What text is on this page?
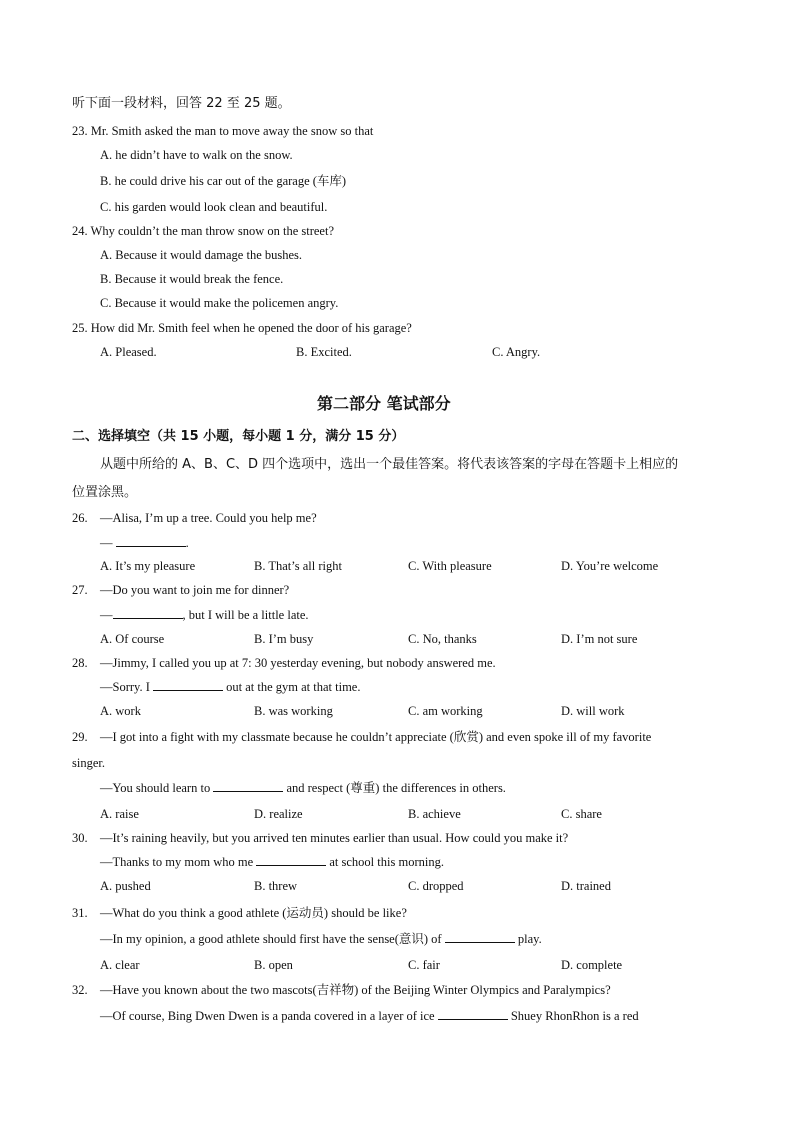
听下面一段材料，回答 22 至 25 题。
23. Mr. Smith asked the man to move away the snow so that
A. he didn’t have to walk on the snow.
B. he could drive his car out of the garage (车库)
C. his garden would look clean and beautiful.
24. Why couldn’t the man throw snow on the street?
A. Because it would damage the bushes.
B. Because it would break the fence.
C. Because it would make the policemen angry.
25. How did Mr. Smith feel when he opened the door of his garage?
A. Pleased.	B. Excited.	C. Angry.
第二部分 笔试部分
二、选择填空（共 15 小题，每小题 1 分，满分 15 分）
从题中所给的 A、B、C、D 四个选项中，选出一个最佳答案。将代表该答案的字母在答题卡上相应的
位置涂黑。
26. —Alisa, I’m up a tree. Could you help me?
—	.
A. It’s my pleasure	B. That’s all right	C. With pleasure	D. You’re welcome
27. —Do you want to join me for dinner?
—	, but I will be a little late.
A. Of course	B. I’m busy	C. No, thanks	D. I’m not sure
28. —Jimmy, I called you up at 7: 30 yesterday evening, but nobody answered me.
—Sorry. I	out at the gym at that time.
A. work	B. was working	C. am working	D. will work
29. —I got into a fight with my classmate because he couldn’t appreciate (欣赏) and even spoke ill of my favorite
singer.
—You should learn to	and respect (尊重) the differences in others.
A. raise	D. realize	B. achieve	C. share
30. —It’s raining heavily, but you arrived ten minutes earlier than usual. How could you make it?
—Thanks to my mom who me	at school this morning.
A. pushed	B. threw	C. dropped	D. trained
31. —What do you think a good athlete (运动员) should be like?
—In my opinion, a good athlete should first have the sense(意识) of	play.
A. clear	B. open	C. fair	D. complete
32. —Have you known about the two mascots(吉祥物) of the Beijing Winter Olympics and Paralympics?
—Of course, Bing Dwen Dwen is a panda covered in a layer of ice	Shuey RhonRhon is a red
